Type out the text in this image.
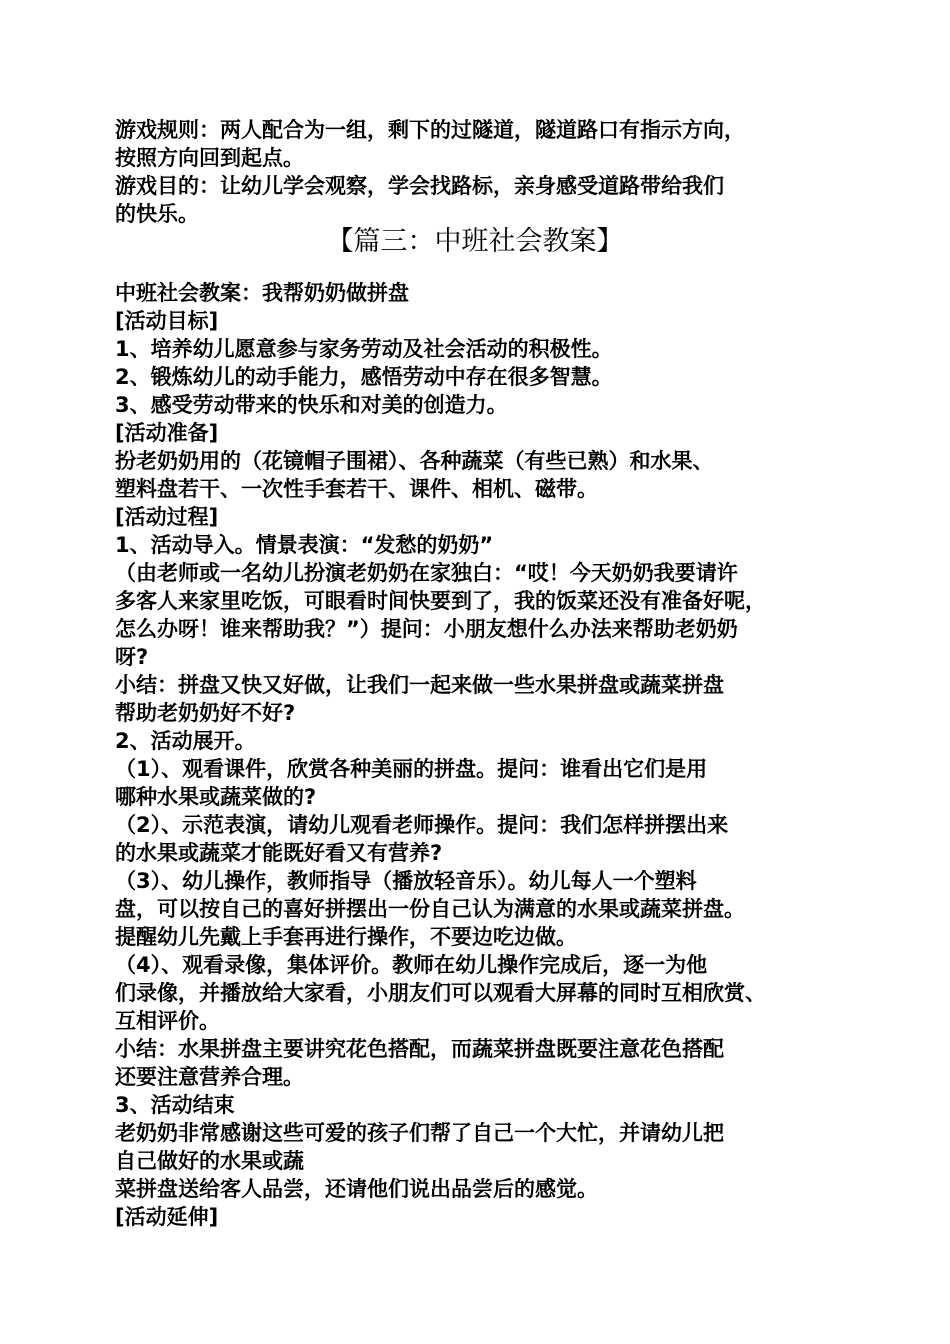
游戏规则：两人配合为一组，剩下的过隧道，隧道路口有指示方向，
按照方向回到起点。
游戏目的：让幼儿学会观察，学会找路标，亲身感受道路带给我们
的快乐。
【篇三：中班社会教案】
中班社会教案：我帮奶奶做拼盘
[活动目标]
1、培养幼儿愿意参与家务劳动及社会活动的积极性。
2、锻炼幼儿的动手能力，感悟劳动中存在很多智慧。
3、感受劳动带来的快乐和对美的创造力。
[活动准备]
扮老奶奶用的（花镜帽子围裙）、各种蔬菜（有些已熟）和水果、
塑料盘若干、一次性手套若干、课件、相机、磁带。
[活动过程]
1、活动导入。情景表演：“发愁的奶奶”
（由老师或一名幼儿扮演老奶奶在家独白：“哎！今天奶奶我要请许
多客人来家里吃饭，可眼看时间快要到了，我的饭菜还没有准备好呢，
怎么办呀！谁来帮助我？”）提问：小朋友想什么办法来帮助老奶奶
呀?
小结：拼盘又快又好做，让我们一起来做一些水果拼盘或蔬菜拼盘
帮助老奶奶好不好?
2、活动展开。
（1）、观看课件，欣赏各种美丽的拼盘。提问：谁看出它们是用
哪种水果或蔬菜做的?
（2）、示范表演，请幼儿观看老师操作。提问：我们怎样拼摆出来
的水果或蔬菜才能既好看又有营养?
（3）、幼儿操作，教师指导（播放轻音乐）。幼儿每人一个塑料
盘，可以按自己的喜好拼摆出一份自己认为满意的水果或蔬菜拼盘。
提醒幼儿先戴上手套再进行操作，不要边吃边做。
（4）、观看录像，集体评价。教师在幼儿操作完成后，逐一为他
们录像，并播放给大家看，小朋友们可以观看大屏幕的同时互相欣赏、
互相评价。
小结：水果拼盘主要讲究花色搭配，而蔬菜拼盘既要注意花色搭配
还要注意营养合理。
3、活动结束
老奶奶非常感谢这些可爱的孩子们帮了自己一个大忙，并请幼儿把
自己做好的水果或蔬
菜拼盘送给客人品尝，还请他们说出品尝后的感觉。
[活动延伸]
